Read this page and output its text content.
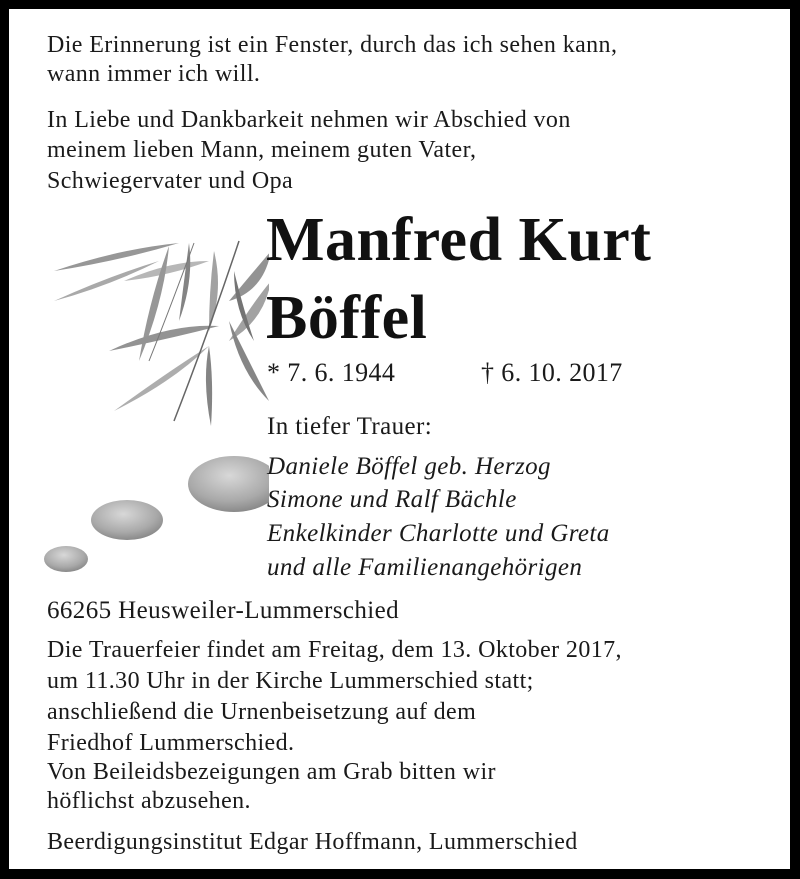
Die Erinnerung ist ein Fenster, durch das ich sehen kann,
wann immer ich will.
In Liebe und Dankbarkeit nehmen wir Abschied von
meinem lieben Mann, meinem guten Vater,
Schwiegervater und Opa
Manfred Kurt
Böffel
* 7. 6. 1944	† 6. 10. 2017
In tiefer Trauer:
Daniele Böffel geb. Herzog
Simone und Ralf Bächle
Enkelkinder Charlotte und Greta
und alle Familienangehörigen
66265 Heusweiler-Lummerschied
Die Trauerfeier findet am Freitag, dem 13. Oktober 2017,
um 11.30 Uhr in der Kirche Lummerschied statt;
anschließend die Urnenbeisetzung auf dem
Friedhof Lummerschied.
Von Beileidsbezeigungen am Grab bitten wir
höflichst abzusehen.
Beerdigungsinstitut Edgar Hoffmann, Lummerschied
